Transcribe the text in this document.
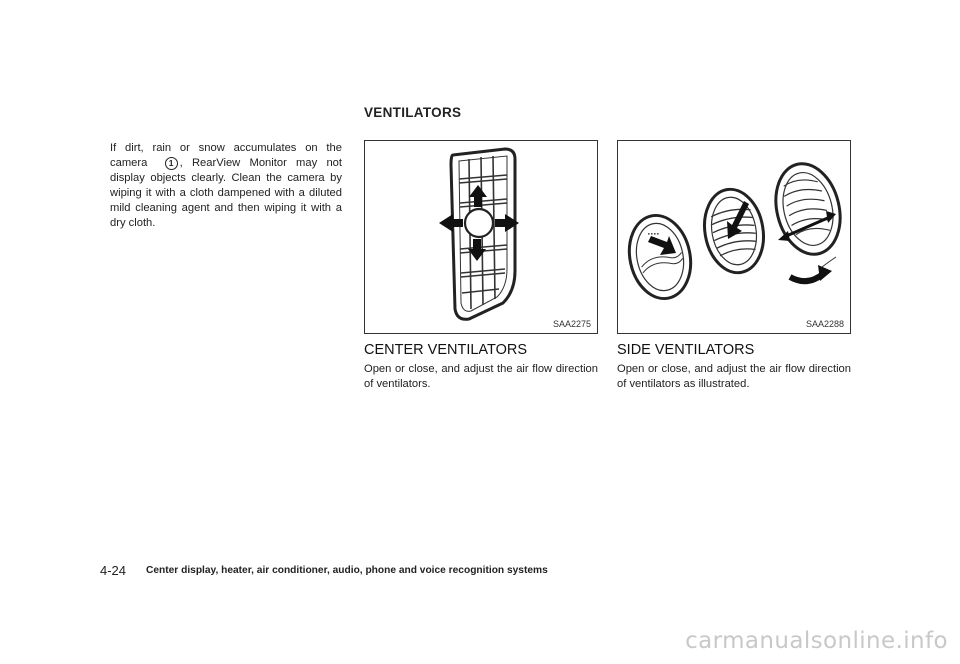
VENTILATORS
If dirt, rain or snow accumulates on the camera	1 , RearView Monitor may not display objects clearly. Clean the camera by wiping it with a cloth dampened with a diluted mild cleaning agent and then wiping it with a dry cloth.
SAA2275	SAA2288
CENTER VENTILATORS
Open or close, and adjust the air flow direction of ventilators.
SIDE VENTILATORS
Open or close, and adjust the air flow direction of ventilators as illustrated.
4-24 Center display, heater, air conditioner, audio, phone and voice recognition systems
carmanualsonline.info
